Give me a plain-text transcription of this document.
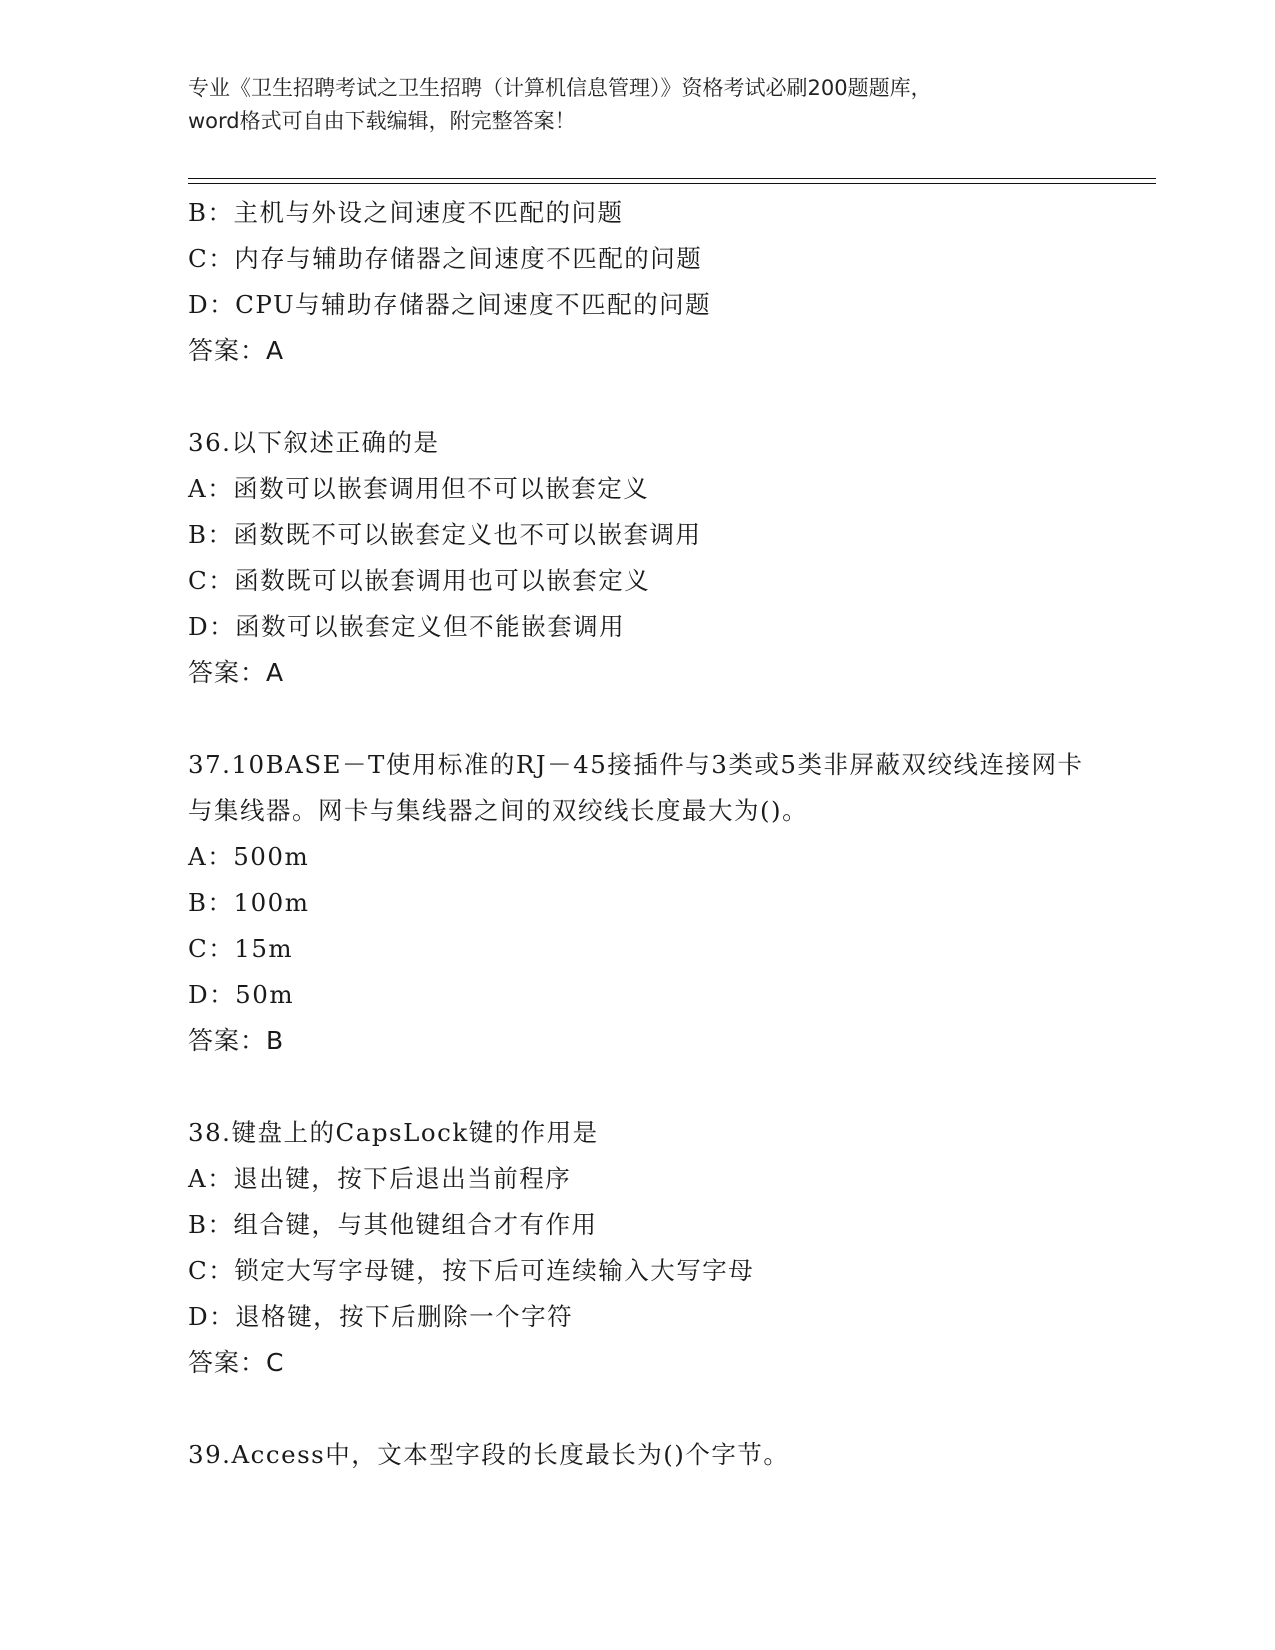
专业《卫生招聘考试之卫生招聘（计算机信息管理）》资格考试必刷200题题库，
word格式可自由下载编辑，附完整答案！
B：主机与外设之间速度不匹配的问题
C：内存与辅助存储器之间速度不匹配的问题
D：CPU与辅助存储器之间速度不匹配的问题
答案：A
36.以下叙述正确的是
A：函数可以嵌套调用但不可以嵌套定义
B：函数既不可以嵌套定义也不可以嵌套调用
C：函数既可以嵌套调用也可以嵌套定义
D：函数可以嵌套定义但不能嵌套调用
答案：A
37.10BASE－T使用标准的RJ－45接插件与3类或5类非屏蔽双绞线连接网卡与集线器。网卡与集线器之间的双绞线长度最大为()。
A：500m
B：100m
C：15m
D：50m
答案：B
38.键盘上的CapsLock键的作用是
A：退出键，按下后退出当前程序
B：组合键，与其他键组合才有作用
C：锁定大写字母键，按下后可连续输入大写字母
D：退格键，按下后删除一个字符
答案：C
39.Access中，文本型字段的长度最长为()个字节。
